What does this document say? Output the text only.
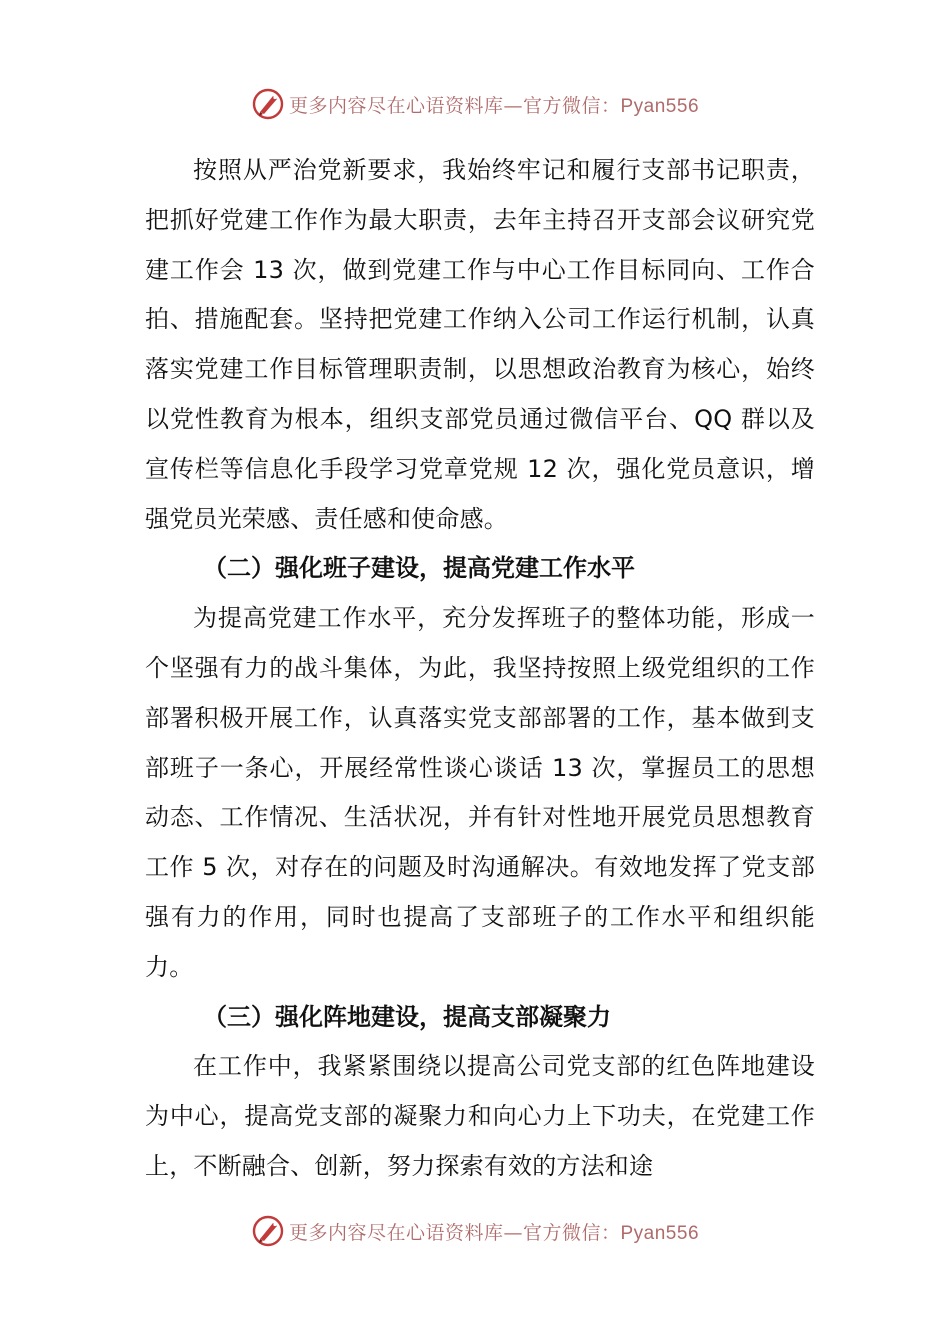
更多内容尽在心语资料库—官方微信：Pyan556

按照从严治党新要求，我始终牢记和履行支部书记职责，把抓好党建工作作为最大职责，去年主持召开支部会议研究党建工作会 13 次，做到党建工作与中心工作目标同向、工作合拍、措施配套。坚持把党建工作纳入公司工作运行机制，认真落实党建工作目标管理职责制，以思想政治教育为核心，始终以党性教育为根本，组织支部党员通过微信平台、QQ 群以及宣传栏等信息化手段学习党章党规 12 次，强化党员意识，增强党员光荣感、责任感和使命感。

（二）强化班子建设，提高党建工作水平

为提高党建工作水平，充分发挥班子的整体功能，形成一个坚强有力的战斗集体，为此，我坚持按照上级党组织的工作部署积极开展工作，认真落实党支部部署的工作，基本做到支部班子一条心，开展经常性谈心谈话 13 次，掌握员工的思想动态、工作情况、生活状况，并有针对性地开展党员思想教育工作 5 次，对存在的问题及时沟通解决。有效地发挥了党支部强有力的作用，同时也提高了支部班子的工作水平和组织能力。

（三）强化阵地建设，提高支部凝聚力

在工作中，我紧紧围绕以提高公司党支部的红色阵地建设为中心，提高党支部的凝聚力和向心力上下功夫，在党建工作上，不断融合、创新，努力探索有效的方法和途

更多内容尽在心语资料库—官方微信：Pyan556
